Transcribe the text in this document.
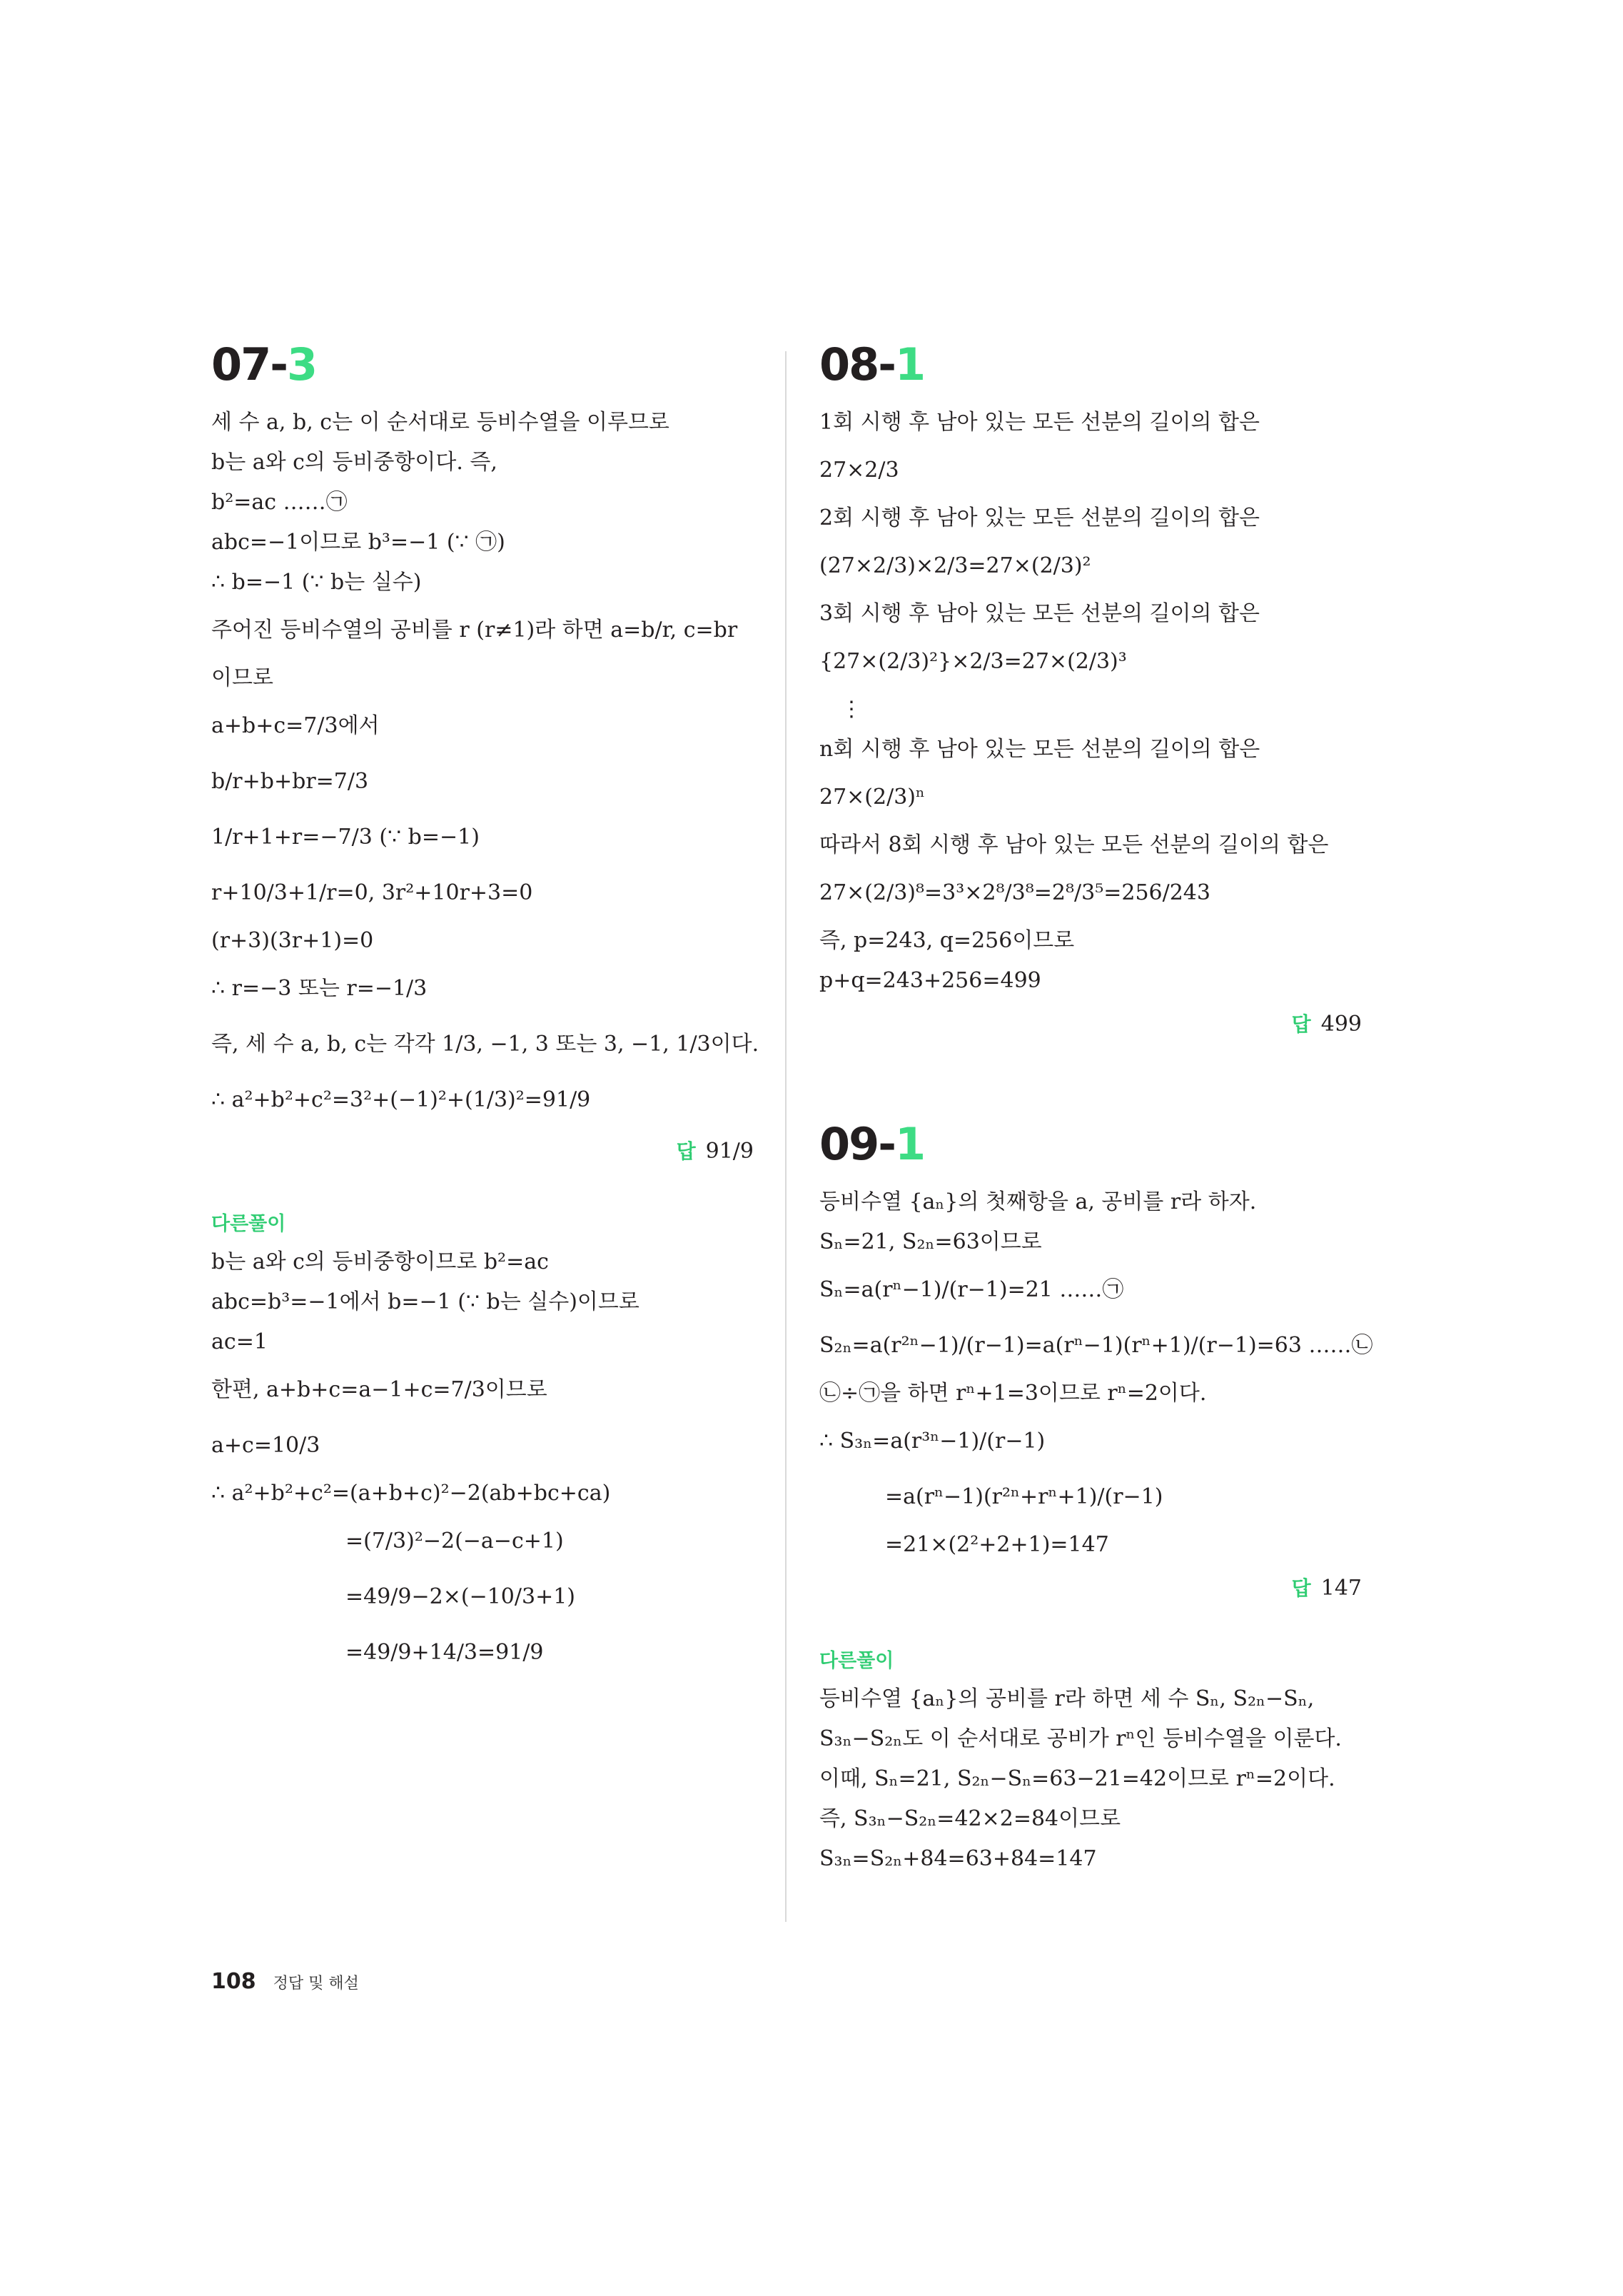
07-3
세 수 a, b, c는 이 순서대로 등비수열을 이루므로
b는 a와 c의 등비중항이다. 즉,
b²=ac ……㉠
abc=−1이므로 b³=−1 (∵ ㉠)
∴ b=−1 (∵ b는 실수)
주어진 등비수열의 공비를 r (r≠1)라 하면 a=b/r, c=br
이므로
a+b+c=7/3에서
b/r+b+br=7/3
1/r+1+r=−7/3 (∵ b=−1)
r+10/3+1/r=0, 3r²+10r+3=0
(r+3)(3r+1)=0
∴ r=−3 또는 r=−1/3
즉, 세 수 a, b, c는 각각 1/3, −1, 3 또는 3, −1, 1/3이다.
∴ a²+b²+c²=3²+(−1)²+(1/3)²=91/9
답 91/9
다른풀이
b는 a와 c의 등비중항이므로 b²=ac
abc=b³=−1에서 b=−1 (∵ b는 실수)이므로
ac=1
한편, a+b+c=a−1+c=7/3이므로
a+c=10/3
∴ a²+b²+c²=(a+b+c)²−2(ab+bc+ca)
=(7/3)²−2(−a−c+1)
=49/9−2×(−10/3+1)
=49/9+14/3=91/9
08-1
1회 시행 후 남아 있는 모든 선분의 길이의 합은
27×2/3
2회 시행 후 남아 있는 모든 선분의 길이의 합은
(27×2/3)×2/3=27×(2/3)²
3회 시행 후 남아 있는 모든 선분의 길이의 합은
{27×(2/3)²}×2/3=27×(2/3)³
⋮
n회 시행 후 남아 있는 모든 선분의 길이의 합은
27×(2/3)ⁿ
따라서 8회 시행 후 남아 있는 모든 선분의 길이의 합은
27×(2/3)⁸=3³×2⁸/3⁸=2⁸/3⁵=256/243
즉, p=243, q=256이므로
p+q=243+256=499
답 499
09-1
등비수열 {aₙ}의 첫째항을 a, 공비를 r라 하자.
Sₙ=21, S₂ₙ=63이므로
Sₙ=a(rⁿ−1)/(r−1)=21 ……㉠
S₂ₙ=a(r²ⁿ−1)/(r−1)=a(rⁿ−1)(rⁿ+1)/(r−1)=63 ……㉡
㉡÷㉠을 하면 rⁿ+1=3이므로 rⁿ=2이다.
∴ S₃ₙ=a(r³ⁿ−1)/(r−1)
=a(rⁿ−1)(r²ⁿ+rⁿ+1)/(r−1)
=21×(2²+2+1)=147
답 147
다른풀이
등비수열 {aₙ}의 공비를 r라 하면 세 수 Sₙ, S₂ₙ−Sₙ,
S₃ₙ−S₂ₙ도 이 순서대로 공비가 rⁿ인 등비수열을 이룬다.
이때, Sₙ=21, S₂ₙ−Sₙ=63−21=42이므로 rⁿ=2이다.
즉, S₃ₙ−S₂ₙ=42×2=84이므로
S₃ₙ=S₂ₙ+84=63+84=147
108 정답 및 해설
